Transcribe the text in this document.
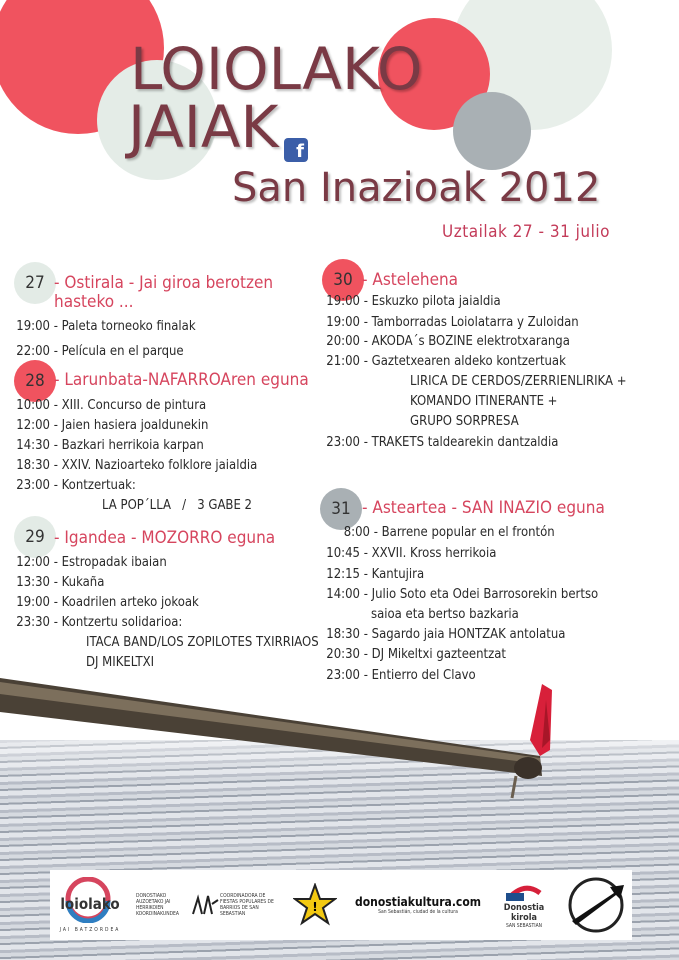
LOIOLAKO
JAIAK f
San Inazioak 2012
Uztailak 27 - 31 julio
27 - Ostirala - Jai giroa berotzen
hasteko ...
19:00 - Paleta torneoko finalak
22:00 - Película en el parque
28 - Larunbata-NAFARROAren eguna
10:00 - XIII. Concurso de pintura
12:00 - Jaien hasiera joaldunekin
14:30 - Bazkari herrikoia karpan
18:30 - XXIV. Nazioarteko folklore jaialdia
23:00 - Kontzertuak:
LA POP´LLA   /   3 GABE 2
29 - Igandea - MOZORRO eguna
12:00 - Estropadak ibaian
13:30 - Kukaña
19:00 - Koadrilen arteko jokoak
23:30 - Kontzertu solidarioa:
ITACA BAND/LOS ZOPILOTES TXIRRIAOS
DJ MIKELTXI
30 - Astelehena
19:00 - Eskuzko pilota jaialdia
19:00 - Tamborradas Loiolatarra y Zuloidan
20:00 - AKODA´s BOZINE elektrotxaranga
21:00 - Gaztetxearen aldeko kontzertuak
LIRICA DE CERDOS/ZERRIENLIRIKA +
KOMANDO ITINERANTE +
GRUPO SORPRESA
23:00 - TRAKETS taldearekin dantzaldia
31 - Asteartea - SAN INAZIO eguna
8:00 - Barrene popular en el frontón
10:45 - XXVII. Kross herrikoia
12:15 - Kantujira
14:00 - Julio Soto eta Odei Barrosorekin bertso
saioa eta bertso bazkaria
18:30 - Sagardo jaia HONTZAK antolatua
20:30 - DJ Mikeltxi gazteentzat
23:00 - Entierro del Clavo
loiolako
JAI BATZORDEA
DONOSTIAKO AUZOETAKO JAI HERRIKOIEN KOORDINAKUNDEA
COORDINADORA DE FIESTAS POPULARES DE BARRIOS DE SAN SEBASTIAN	!	donostiakultura.com
San Sebastián, ciudad de la cultura	Donostia kirola
SAN SEBASTIAN
